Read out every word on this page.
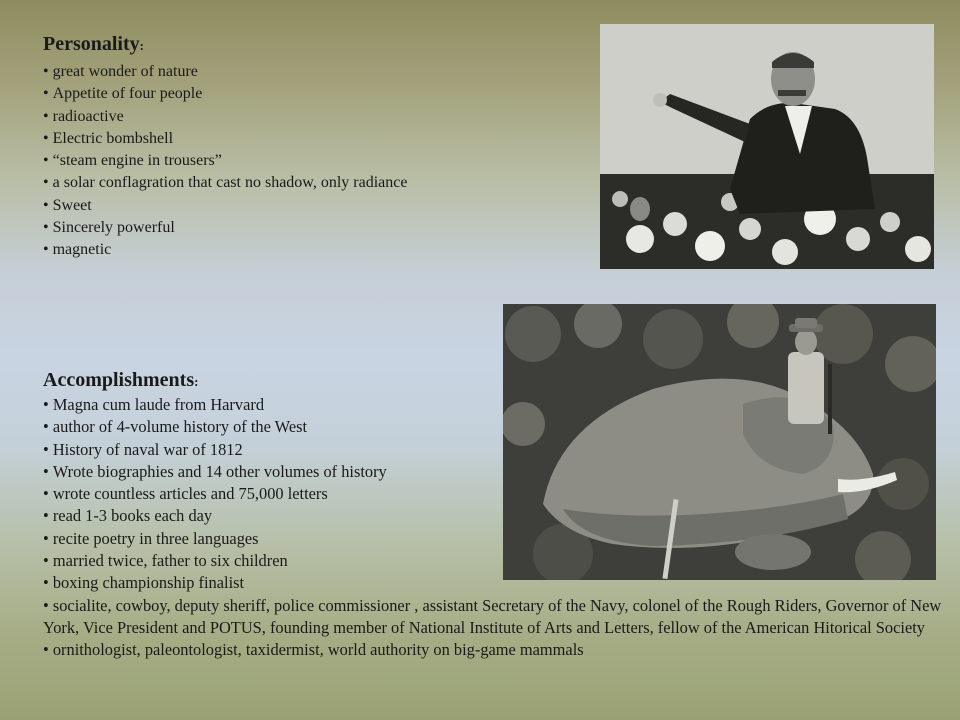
Personality:
• great wonder of nature
• Appetite of four people
• radioactive
• Electric bombshell
• “steam engine in trousers”
• a solar conflagration that cast no shadow, only radiance
• Sweet
• Sincerely powerful
• magnetic
Accomplishments:
• Magna cum laude from Harvard
• author of 4-volume history of the West
• History of naval war of 1812
• Wrote biographies and 14 other volumes of history
• wrote countless articles and 75,000 letters
• read 1-3 books each day
• recite poetry in three languages
• married twice, father to six children
• boxing championship finalist
• socialite, cowboy, deputy sheriff, police commissioner , assistant Secretary of the Navy, colonel of the Rough Riders, Governor of New York, Vice President and POTUS, founding member of National Institute of Arts and Letters, fellow of the American Hitorical Society
• ornithologist, paleontologist, taxidermist, world authority on big-game mammals
